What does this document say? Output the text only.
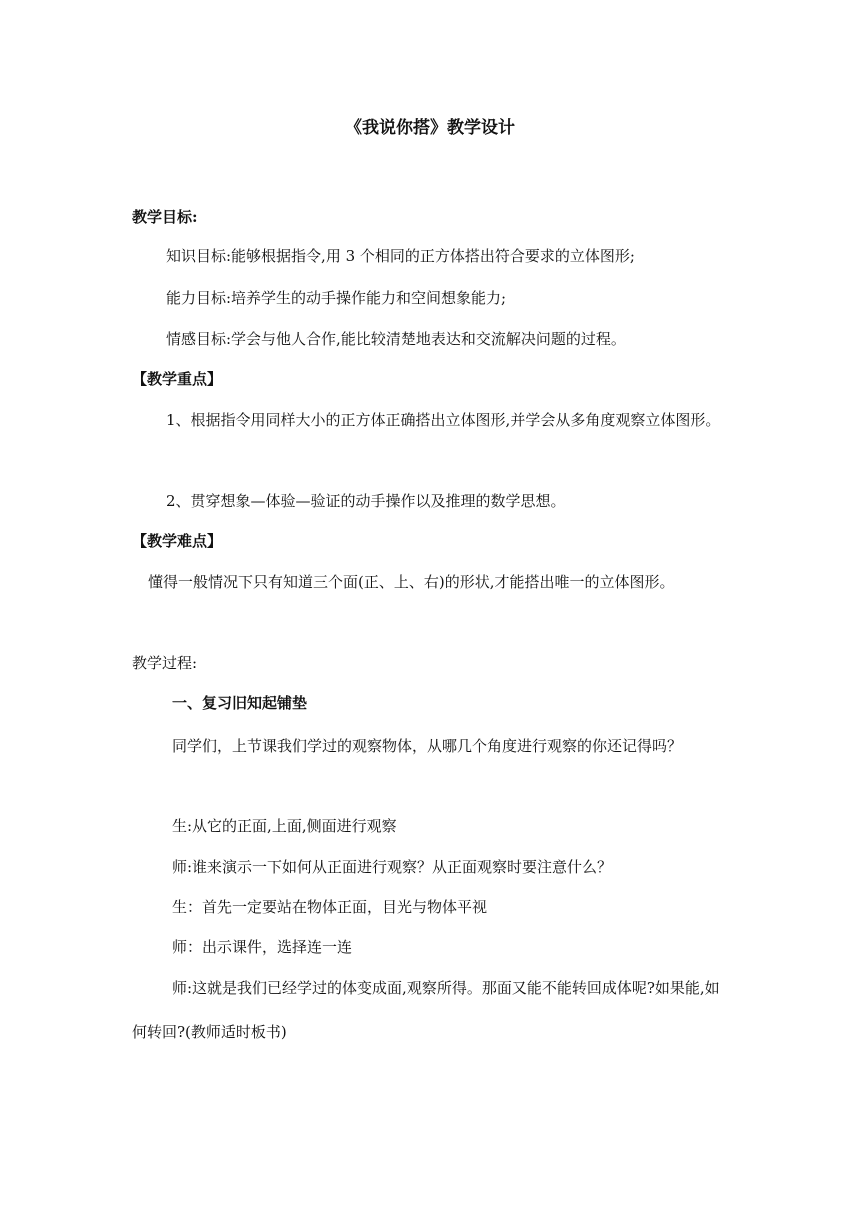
《我说你搭》教学设计
教学目标:
知识目标:能够根据指令,用 3 个相同的正方体搭出符合要求的立体图形;
能力目标:培养学生的动手操作能力和空间想象能力;
情感目标:学会与他人合作,能比较清楚地表达和交流解决问题的过程。
【教学重点】
1、根据指令用同样大小的正方体正确搭出立体图形,并学会从多角度观察立体图形。
2、贯穿想象—体验—验证的动手操作以及推理的数学思想。
【教学难点】
懂得一般情况下只有知道三个面(正、上、右)的形状,才能搭出唯一的立体图形。
教学过程:
一、复习旧知起铺垫
同学们，上节课我们学过的观察物体，从哪几个角度进行观察的你还记得吗？
生:从它的正面,上面,侧面进行观察
师:谁来演示一下如何从正面进行观察？从正面观察时要注意什么？
生：首先一定要站在物体正面，目光与物体平视
师：出示课件，选择连一连
师:这就是我们已经学过的体变成面,观察所得。那面又能不能转回成体呢?如果能,如何转回?(教师适时板书)
